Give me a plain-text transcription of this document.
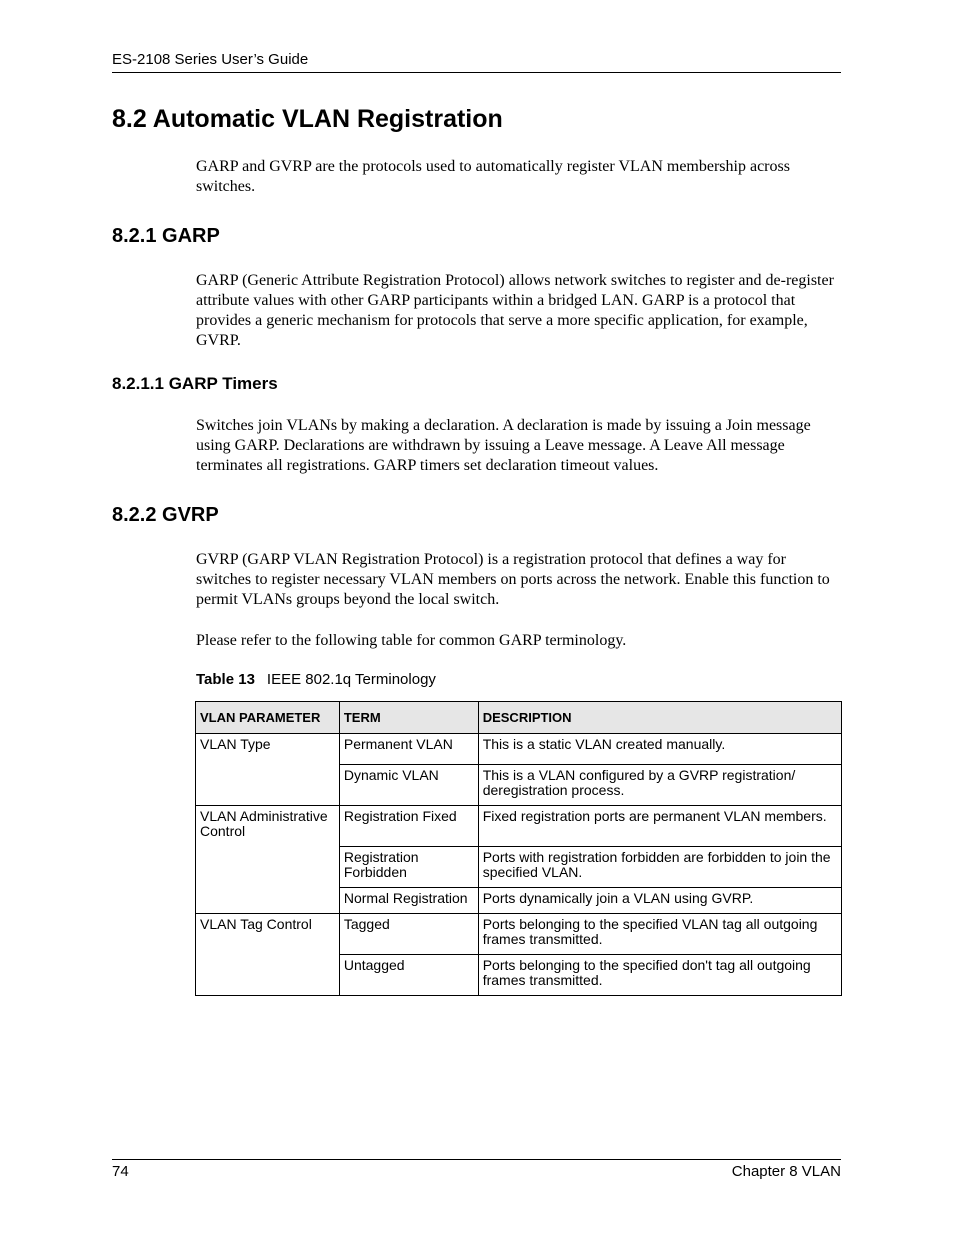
ES-2108 Series User’s Guide
8.2 Automatic VLAN Registration

GARP and GVRP are the protocols used to automatically register VLAN membership across switches.

8.2.1 GARP

GARP (Generic Attribute Registration Protocol) allows network switches to register and de-register attribute values with other GARP participants within a bridged LAN. GARP is a protocol that provides a generic mechanism for protocols that serve a more specific application, for example, GVRP.

8.2.1.1 GARP Timers

Switches join VLANs by making a declaration. A declaration is made by issuing a Join message using GARP. Declarations are withdrawn by issuing a Leave message. A Leave All message terminates all registrations. GARP timers set declaration timeout values.

8.2.2 GVRP

GVRP (GARP VLAN Registration Protocol) is a registration protocol that defines a way for switches to register necessary VLAN members on ports across the network. Enable this function to permit VLANs groups beyond the local switch.

Please refer to the following table for common GARP terminology.

Table 13 IEEE 802.1q Terminology
VLAN PARAMETER	TERM	DESCRIPTION
VLAN Type	Permanent VLAN	This is a static VLAN created manually.
	Dynamic VLAN	This is a VLAN configured by a GVRP registration/ deregistration process.
VLAN Administrative Control	Registration Fixed	Fixed registration ports are permanent VLAN members.
	Registration Forbidden	Ports with registration forbidden are forbidden to join the specified VLAN.
	Normal Registration	Ports dynamically join a VLAN using GVRP.
VLAN Tag Control	Tagged	Ports belonging to the specified VLAN tag all outgoing frames transmitted.
	Untagged	Ports belonging to the specified don't tag all outgoing frames transmitted.
74	Chapter 8 VLAN
